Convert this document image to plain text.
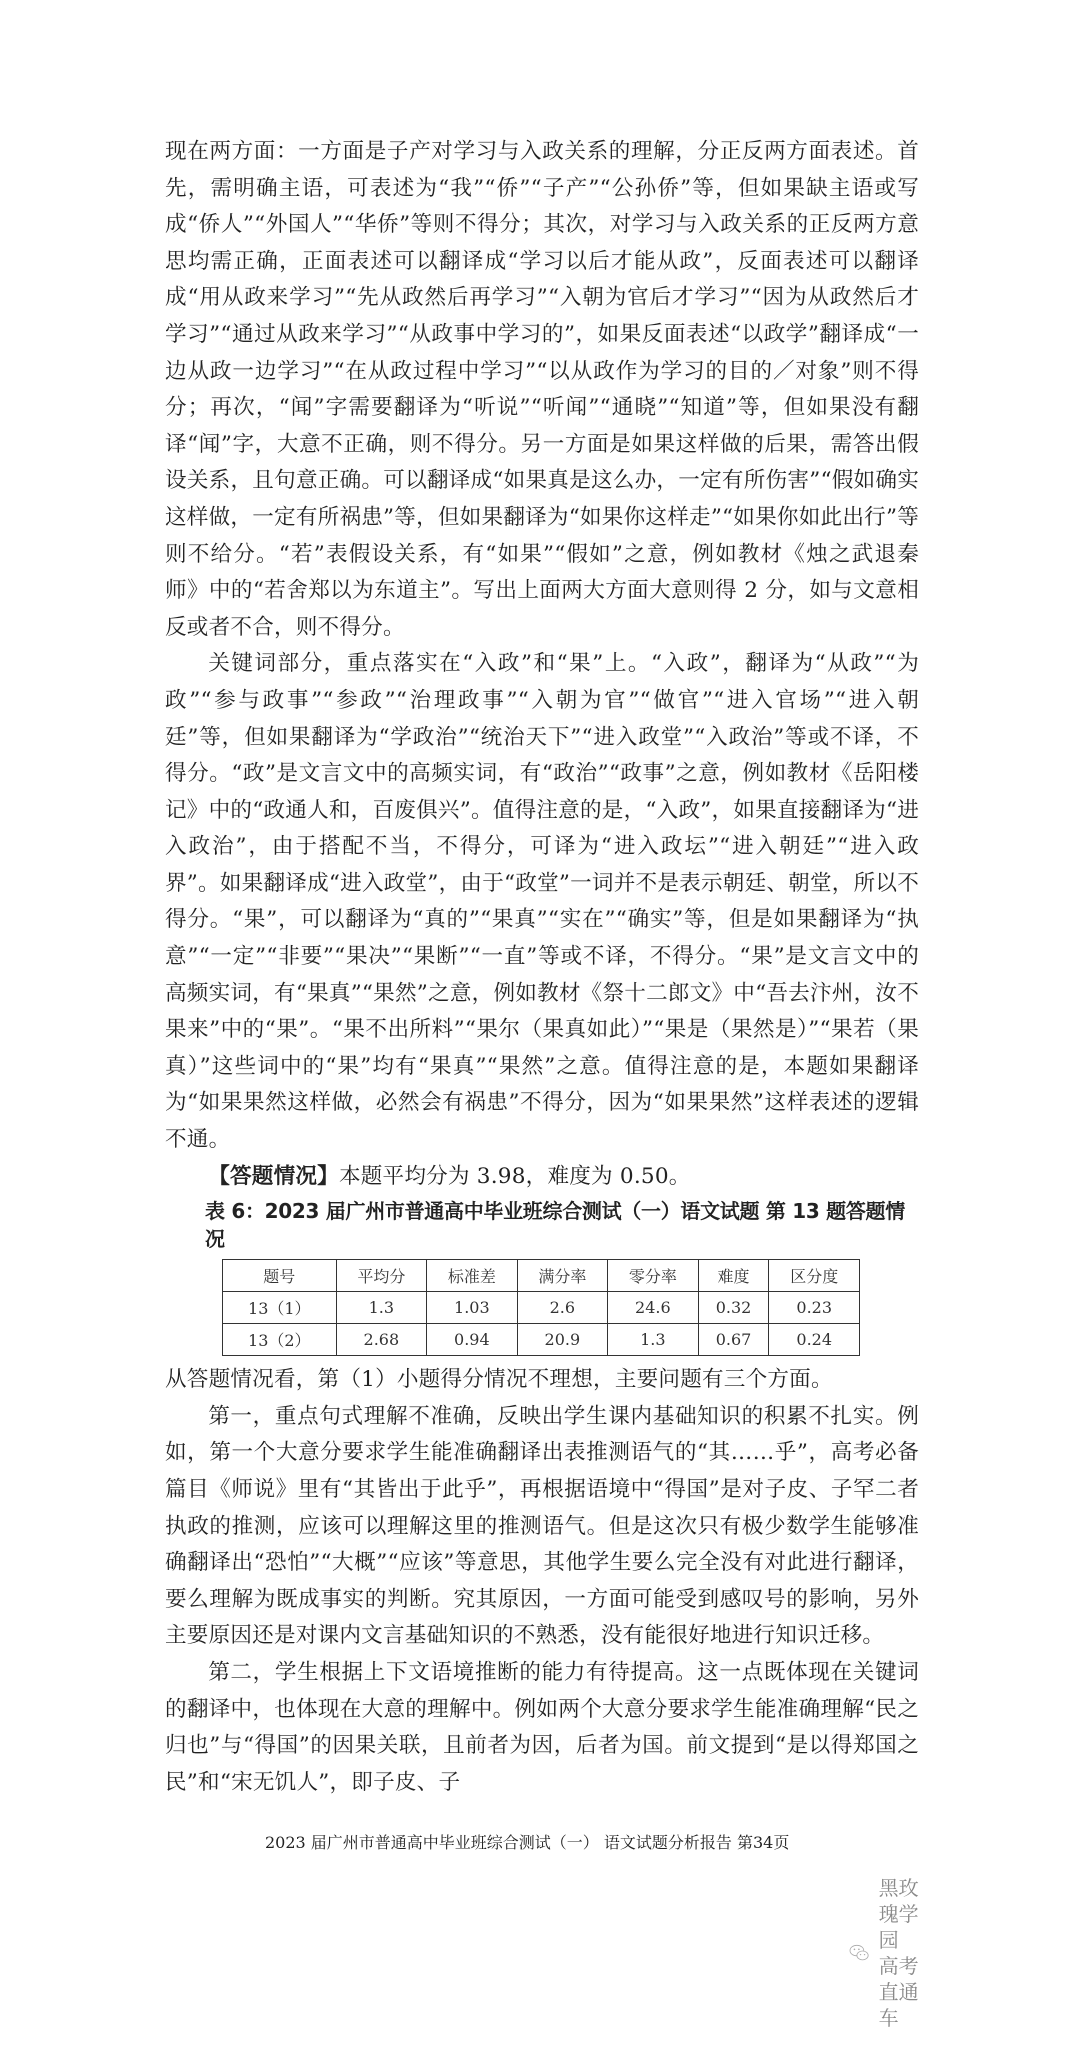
现在两方面：一方面是子产对学习与入政关系的理解，分正反两方面表述。首先，需明确主语，可表述为“我”“侨”“子产”“公孙侨”等，但如果缺主语或写成“侨人”“外国人”“华侨”等则不得分；其次，对学习与入政关系的正反两方意思均需正确，正面表述可以翻译成“学习以后才能从政”，反面表述可以翻译成“用从政来学习”“先从政然后再学习”“入朝为官后才学习”“因为从政然后才学习”“通过从政来学习”“从政事中学习的”，如果反面表述“以政学”翻译成“一边从政一边学习”“在从政过程中学习”“以从政作为学习的目的／对象”则不得分；再次，“闻”字需要翻译为“听说”“听闻”“通晓”“知道”等，但如果没有翻译“闻”字，大意不正确，则不得分。另一方面是如果这样做的后果，需答出假设关系，且句意正确。可以翻译成“如果真是这么办，一定有所伤害”“假如确实这样做，一定有所祸患”等，但如果翻译为“如果你这样走”“如果你如此出行”等则不给分。“若”表假设关系，有“如果”“假如”之意，例如教材《烛之武退秦师》中的“若舍郑以为东道主”。写出上面两大方面大意则得 2 分，如与文意相反或者不合，则不得分。

关键词部分，重点落实在“入政”和“果”上。“入政”，翻译为“从政”“为政”“参与政事”“参政”“治理政事”“入朝为官”“做官”“进入官场”“进入朝廷”等，但如果翻译为“学政治”“统治天下”“进入政堂”“入政治”等或不译，不得分。“政”是文言文中的高频实词，有“政治”“政事”之意，例如教材《岳阳楼记》中的“政通人和，百废俱兴”。值得注意的是，“入政”，如果直接翻译为“进入政治”，由于搭配不当，不得分，可译为“进入政坛”“进入朝廷”“进入政界”。如果翻译成“进入政堂”，由于“政堂”一词并不是表示朝廷、朝堂，所以不得分。“果”，可以翻译为“真的”“果真”“实在”“确实”等，但是如果翻译为“执意”“一定”“非要”“果决”“果断”“一直”等或不译，不得分。“果”是文言文中的高频实词，有“果真”“果然”之意，例如教材《祭十二郎文》中“吾去汴州，汝不果来”中的“果”。“果不出所料”“果尔（果真如此）”“果是（果然是）”“果若（果真）”这些词中的“果”均有“果真”“果然”之意。值得注意的是，本题如果翻译为“如果果然这样做，必然会有祸患”不得分，因为“如果果然”这样表述的逻辑不通。

【答题情况】本题平均分为 3.98，难度为 0.50。

表 6：2023 届广州市普通高中毕业班综合测试（一）语文试题 第 13 题答题情况
题号	平均分	标准差	满分率	零分率	难度	区分度
13（1）	1.3	1.03	2.6	24.6	0.32	0.23
13（2）	2.68	0.94	20.9	1.3	0.67	0.24

从答题情况看，第（1）小题得分情况不理想，主要问题有三个方面。

第一，重点句式理解不准确，反映出学生课内基础知识的积累不扎实。例如，第一个大意分要求学生能准确翻译出表推测语气的“其……乎”，高考必备篇目《师说》里有“其皆出于此乎”，再根据语境中“得国”是对子皮、子罕二者执政的推测，应该可以理解这里的推测语气。但是这次只有极少数学生能够准确翻译出“恐怕”“大概”“应该”等意思，其他学生要么完全没有对此进行翻译，要么理解为既成事实的判断。究其原因，一方面可能受到感叹号的影响，另外主要原因还是对课内文言基础知识的不熟悉，没有能很好地进行知识迁移。

第二，学生根据上下文语境推断的能力有待提高。这一点既体现在关键词的翻译中，也体现在大意的理解中。例如两个大意分要求学生能准确理解“民之归也”与“得国”的因果关联，且前者为因，后者为国。前文提到“是以得郑国之民”和“宋无饥人”，即子皮、子

2023 届广州市普通高中毕业班综合测试（一） 语文试题分析报告 第34页
黑玫瑰学园
高考直通车
